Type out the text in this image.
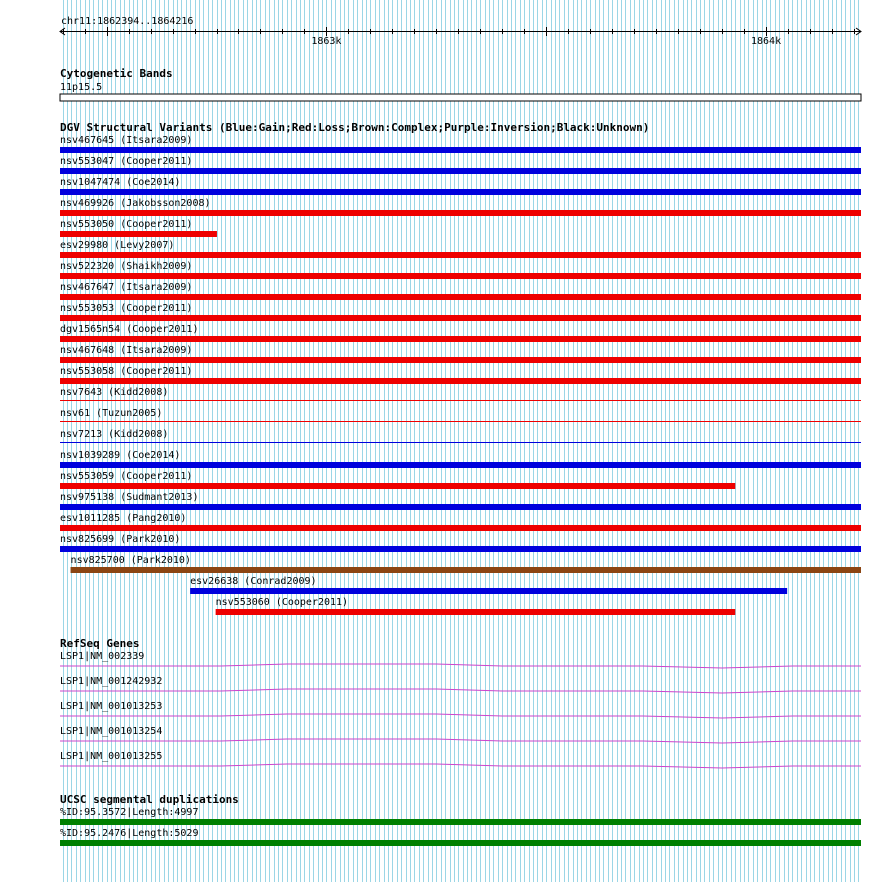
chr11:1862394..1864216
1863k	1864k
Cytogenetic Bands
11p15.5
DGV Structural Variants (Blue:Gain;Red:Loss;Brown:Complex;Purple:Inversion;Black:Unknown)
nsv467645 (Itsara2009)
nsv553047 (Cooper2011)
nsv1047474 (Coe2014)
nsv469926 (Jakobsson2008)
nsv553050 (Cooper2011)
esv29980 (Levy2007)
nsv522320 (Shaikh2009)
nsv467647 (Itsara2009)
nsv553053 (Cooper2011)
dgv1565n54 (Cooper2011)
nsv467648 (Itsara2009)
nsv553058 (Cooper2011)
nsv7643 (Kidd2008)
nsv61 (Tuzun2005)
nsv7213 (Kidd2008)
nsv1039289 (Coe2014)
nsv553059 (Cooper2011)
nsv975138 (Sudmant2013)
esv1011285 (Pang2010)
nsv825699 (Park2010)
nsv825700 (Park2010)
esv26638 (Conrad2009)
nsv553060 (Cooper2011)
RefSeq Genes
LSP1|NM_002339
LSP1|NM_001242932
LSP1|NM_001013253
LSP1|NM_001013254
LSP1|NM_001013255
UCSC segmental duplications
%ID:95.3572|Length:4997
%ID:95.2476|Length:5029
